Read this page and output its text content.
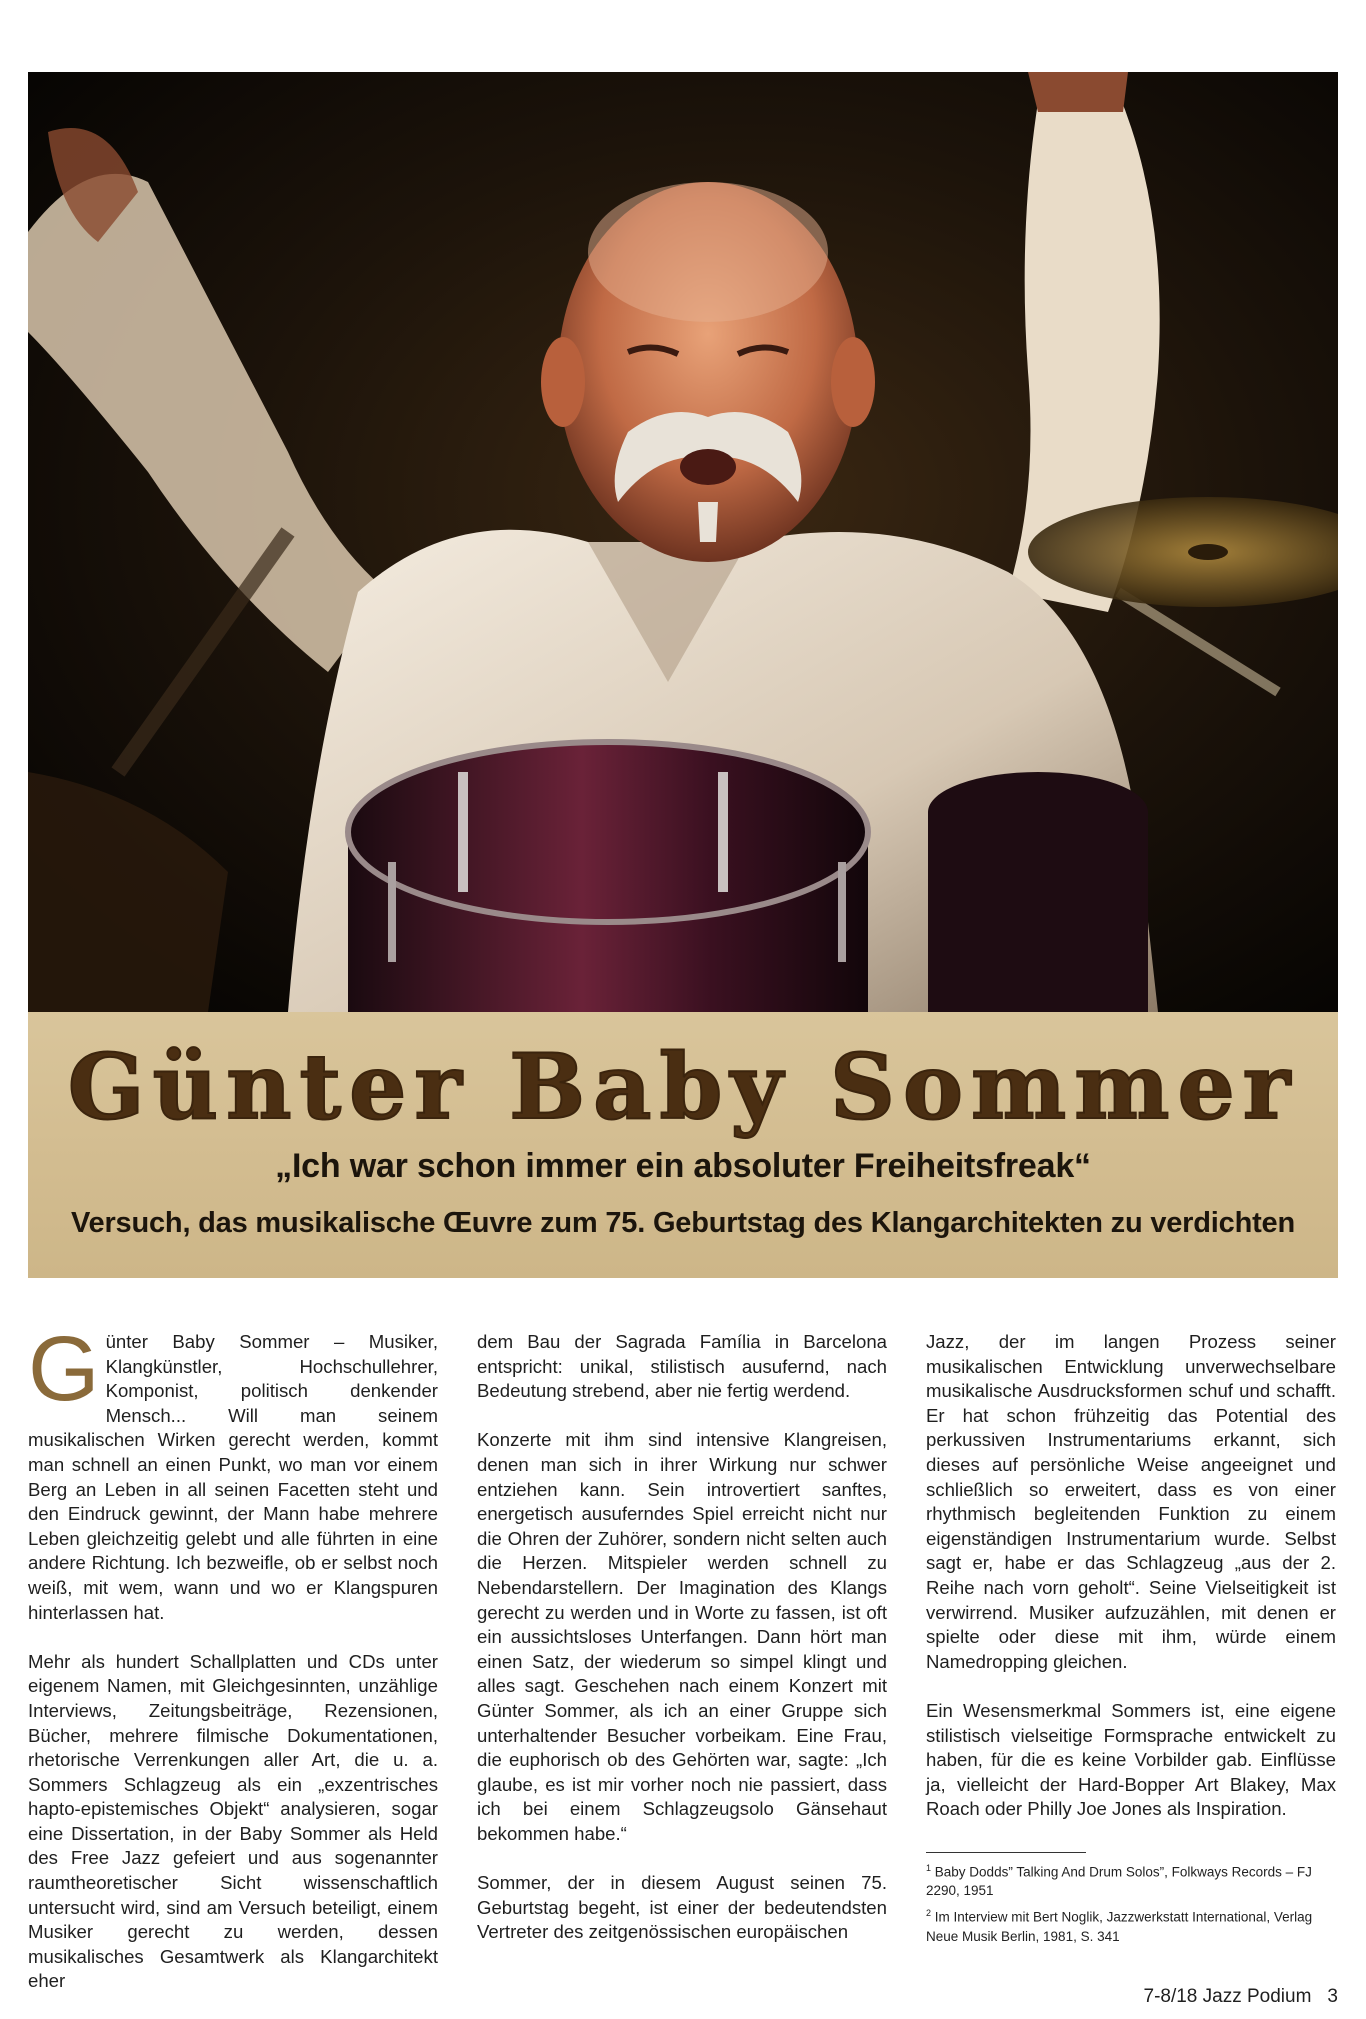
Günter Baby Sommer
„Ich war schon immer ein absoluter Freiheitsfreak“
Versuch, das musikalische Œuvre zum 75. Geburtstag des Klangarchitekten zu verdichten

Günter Baby Sommer – Musiker, Klangkünstler, Hochschullehrer, Komponist, politisch denkender Mensch... Will man seinem musikalischen Wirken gerecht werden, kommt man schnell an einen Punkt, wo man vor einem Berg an Leben in all seinen Facetten steht und den Eindruck gewinnt, der Mann habe mehrere Leben gleichzeitig gelebt und alle führten in eine andere Richtung. Ich bezweifle, ob er selbst noch weiß, mit wem, wann und wo er Klangspuren hinterlassen hat.

Mehr als hundert Schallplatten und CDs unter eigenem Namen, mit Gleichgesinnten, unzählige Interviews, Zeitungsbeiträge, Rezensionen, Bücher, mehrere filmische Dokumentationen, rhetorische Verrenkungen aller Art, die u. a. Sommers Schlagzeug als ein „exzentrisches hapto-epistemisches Objekt“ analysieren, sogar eine Dissertation, in der Baby Sommer als Held des Free Jazz gefeiert und aus sogenannter raumtheoretischer Sicht wissenschaftlich untersucht wird, sind am Versuch beteiligt, einem Musiker gerecht zu werden, dessen musikalisches Gesamtwerk als Klangarchitekt eher

dem Bau der Sagrada Família in Barcelona entspricht: unikal, stilistisch ausufernd, nach Bedeutung strebend, aber nie fertig werdend.

Konzerte mit ihm sind intensive Klangreisen, denen man sich in ihrer Wirkung nur schwer entziehen kann. Sein introvertiert sanftes, energetisch ausuferndes Spiel erreicht nicht nur die Ohren der Zuhörer, sondern nicht selten auch die Herzen. Mitspieler werden schnell zu Nebendarstellern. Der Imagination des Klangs gerecht zu werden und in Worte zu fassen, ist oft ein aussichtsloses Unterfangen. Dann hört man einen Satz, der wiederum so simpel klingt und alles sagt. Geschehen nach einem Konzert mit Günter Sommer, als ich an einer Gruppe sich unterhaltender Besucher vorbeikam. Eine Frau, die euphorisch ob des Gehörten war, sagte: „Ich glaube, es ist mir vorher noch nie passiert, dass ich bei einem Schlagzeugsolo Gänsehaut bekommen habe.“

Sommer, der in diesem August seinen 75. Geburtstag begeht, ist einer der bedeutendsten Vertreter des zeitgenössischen europäischen

Jazz, der im langen Prozess seiner musikalischen Entwicklung unverwechselbare musikalische Ausdrucksformen schuf und schafft. Er hat schon frühzeitig das Potential des perkussiven Instrumentariums erkannt, sich dieses auf persönliche Weise angeeignet und schließlich so erweitert, dass es von einer rhythmisch begleitenden Funktion zu einem eigenständigen Instrumentarium wurde. Selbst sagt er, habe er das Schlagzeug „aus der 2. Reihe nach vorn geholt“. Seine Vielseitigkeit ist verwirrend. Musiker aufzuzählen, mit denen er spielte oder diese mit ihm, würde einem Namedropping gleichen.

Ein Wesensmerkmal Sommers ist, eine eigene stilistisch vielseitige Formsprache entwickelt zu haben, für die es keine Vorbilder gab. Einflüsse ja, vielleicht der Hard-Bopper Art Blakey, Max Roach oder Philly Joe Jones als Inspiration.

$^1$ Baby Dodds” Talking And Drum Solos”, Folkways Records – FJ 2290, 1951
$^2$ Im Interview mit Bert Noglik, Jazzwerkstatt International, Verlag Neue Musik Berlin, 1981, S. 341
7-8/18 Jazz Podium 3
